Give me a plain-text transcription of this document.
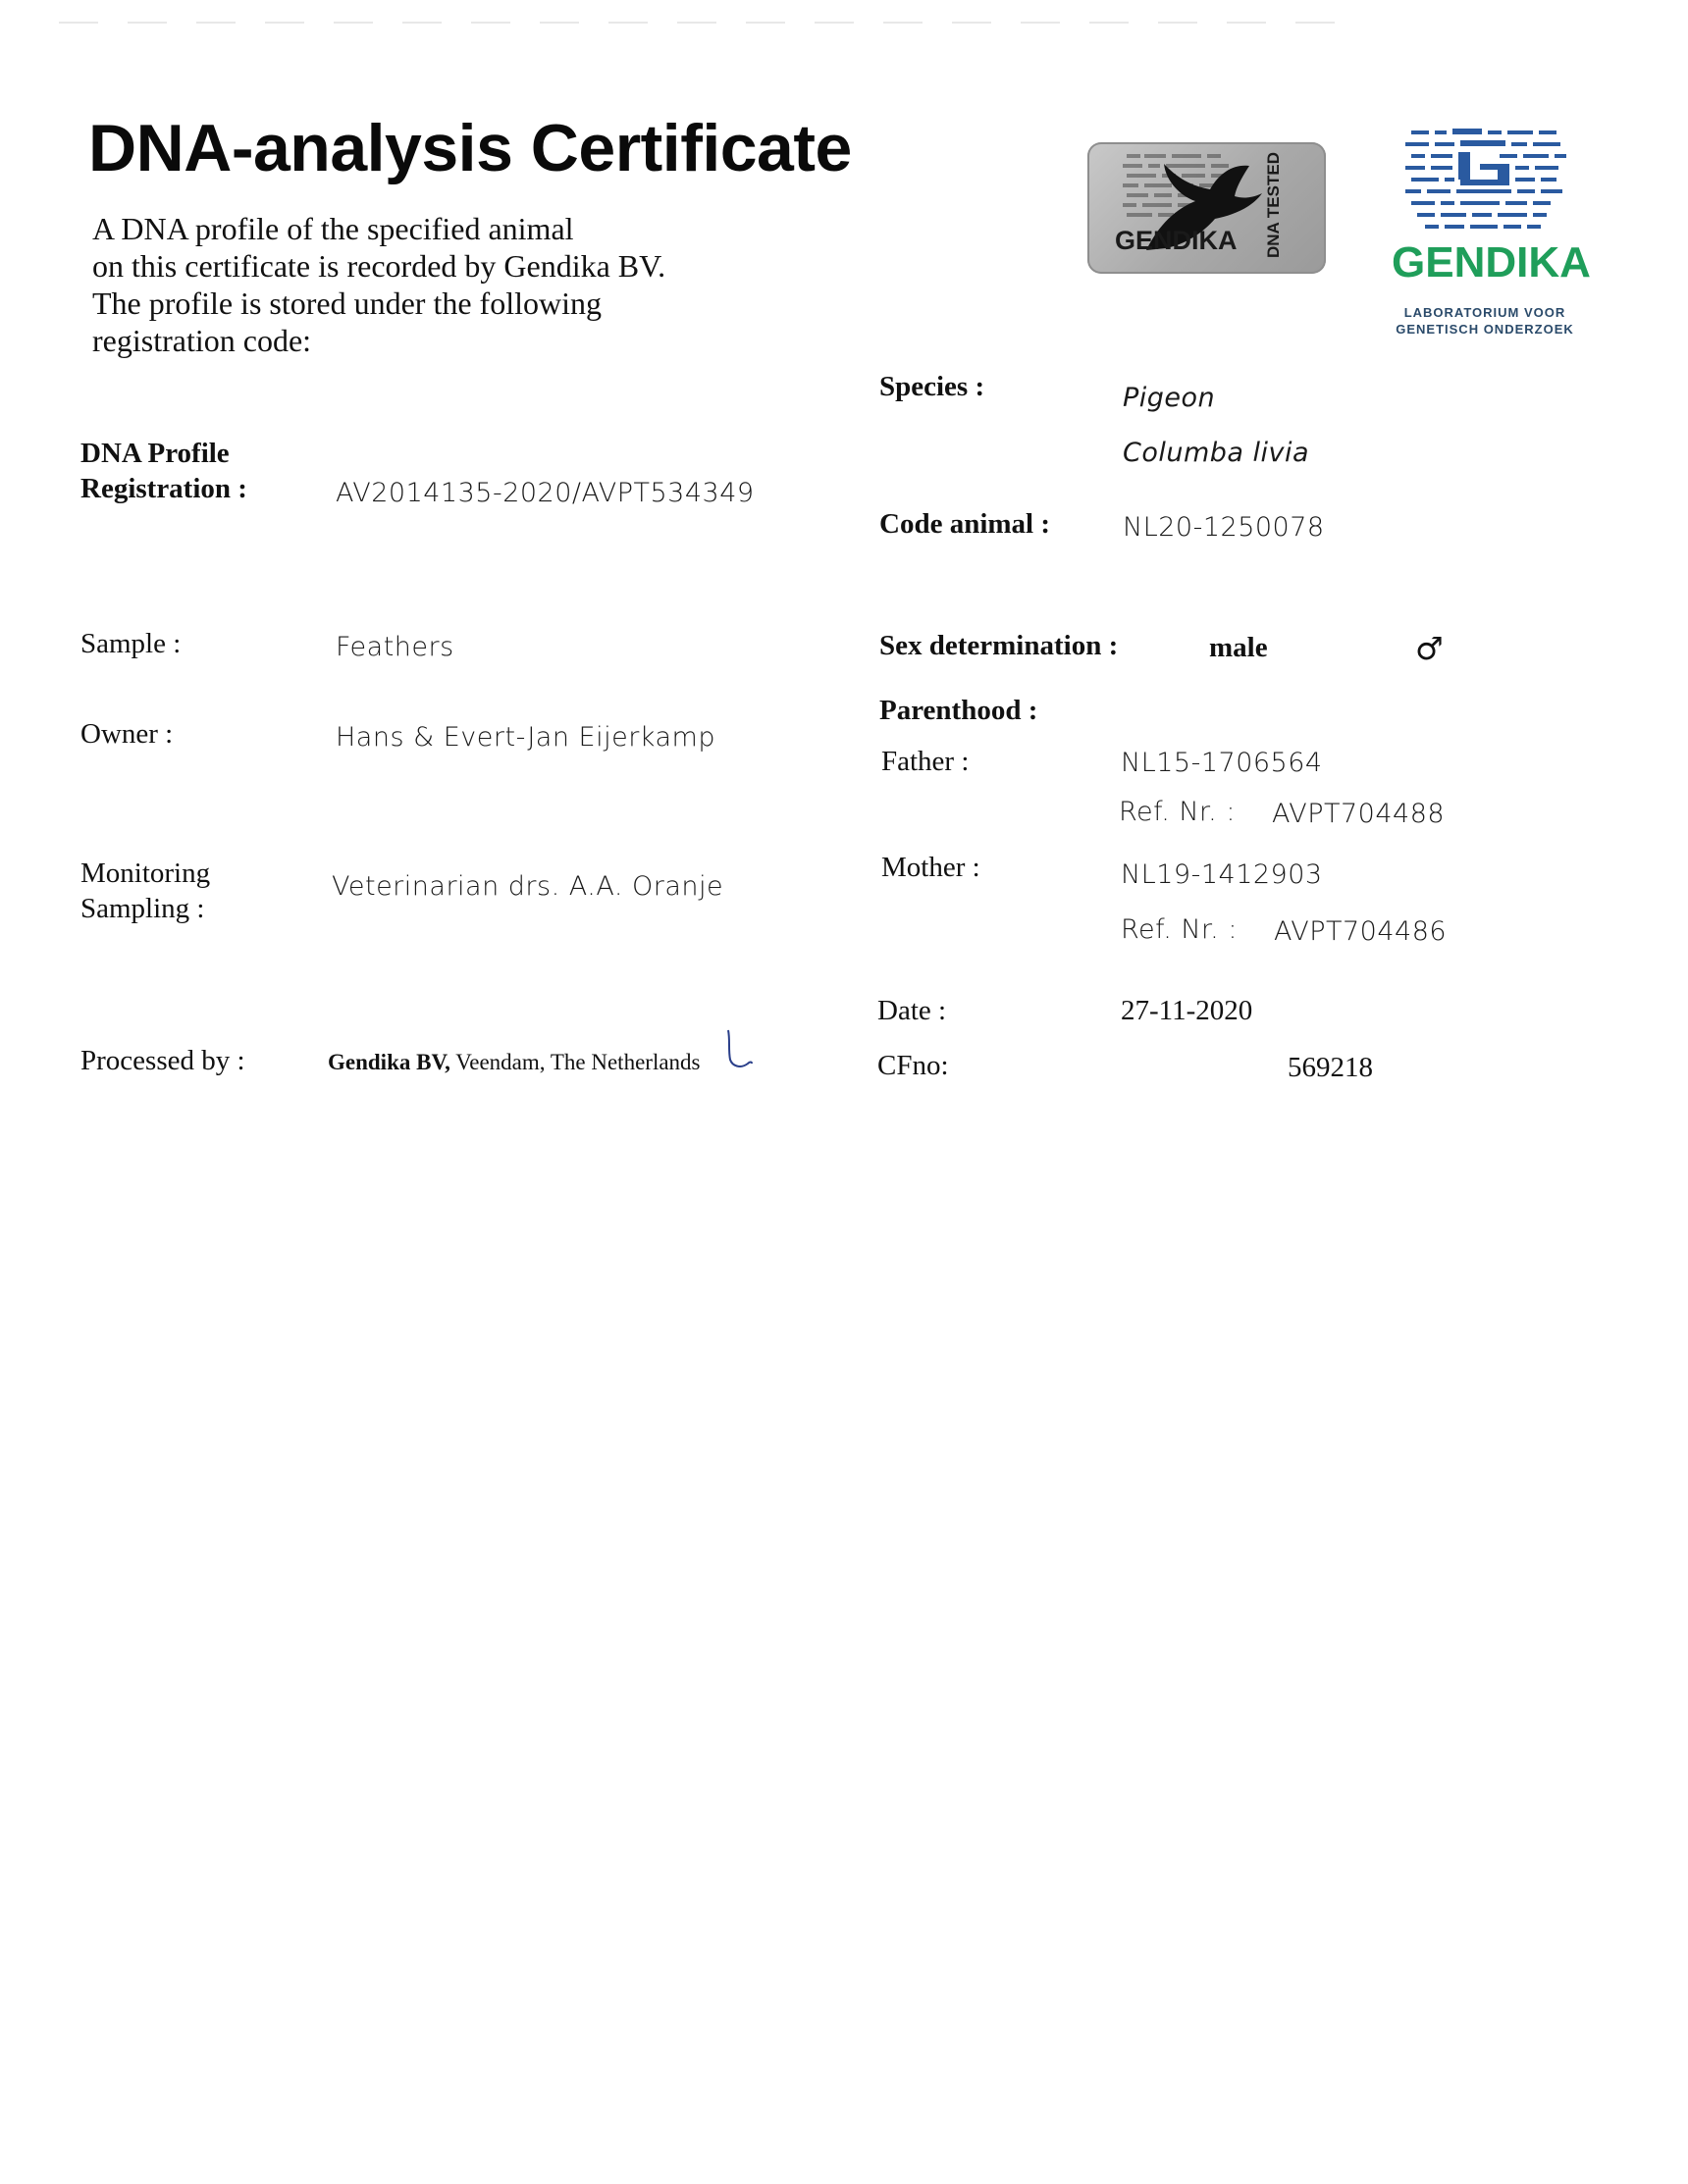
DNA-analysis Certificate
A DNA profile of the specified animal
on this certificate is recorded by Gendika BV.
The profile is stored under the following
registration code:
GENDIKA DNA TESTED
GENDIKA
LABORATORIUM VOOR
GENETISCH ONDERZOEK
DNA Profile
Registration :	AV2014135-2020/AVPT534349
Sample :	Feathers
Owner :	Hans & Evert-Jan Eijerkamp
Monitoring
Sampling :
Veterinarian drs. A.A. Oranje
Processed by :	Gendika BV, Veendam, The Netherlands
Species :	Pigeon
Columba livia
Code animal :	NL20-1250078
Sex determination :	male	♂
Parenthood :
Father :	NL15-1706564
Ref. Nr. : AVPT704488
Mother :	NL19-1412903
Ref. Nr. : AVPT704486
Date :	27-11-2020
CFno:	569218
